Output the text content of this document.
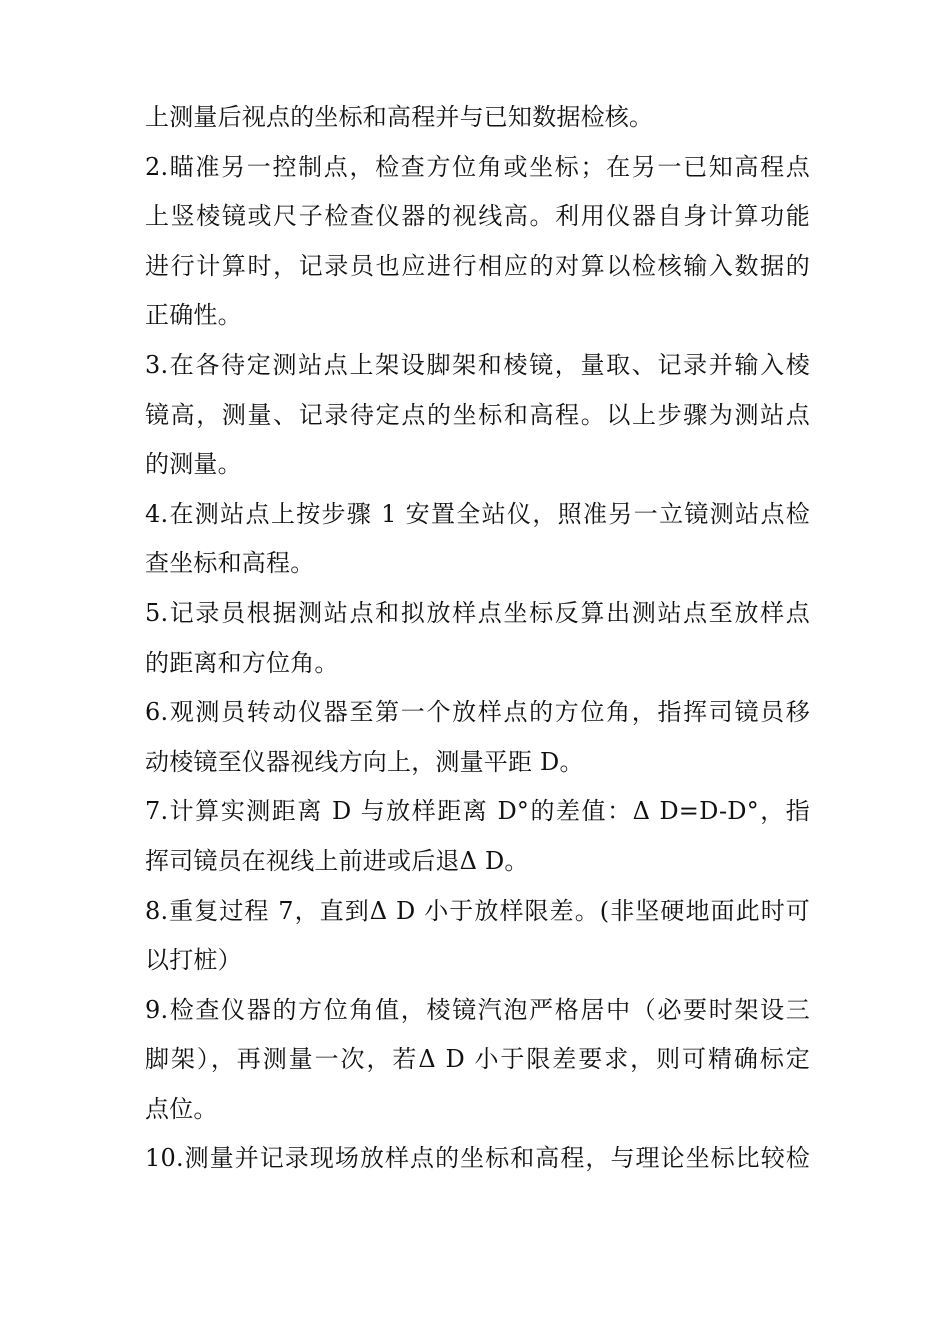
上测量后视点的坐标和高程并与已知数据检核。
2.瞄准另一控制点，检查方位角或坐标；在另一已知高程点
上竖棱镜或尺子检查仪器的视线高。利用仪器自身计算功能
进行计算时，记录员也应进行相应的对算以检核输入数据的
正确性。
3.在各待定测站点上架设脚架和棱镜，量取、记录并输入棱
镜高，测量、记录待定点的坐标和高程。以上步骤为测站点
的测量。
4.在测站点上按步骤 1 安置全站仪，照准另一立镜测站点检
查坐标和高程。
5.记录员根据测站点和拟放样点坐标反算出测站点至放样点
的距离和方位角。
6.观测员转动仪器至第一个放样点的方位角，指挥司镜员移
动棱镜至仪器视线方向上，测量平距 D。
7.计算实测距离 D 与放样距离 D°的差值：Δ D=D-D°，指
挥司镜员在视线上前进或后退Δ D。
8.重复过程 7，直到Δ D 小于放样限差。(非坚硬地面此时可
以打桩）
9.检查仪器的方位角值，棱镜汽泡严格居中（必要时架设三
脚架），再测量一次，若Δ D 小于限差要求，则可精确标定
点位。
10.测量并记录现场放样点的坐标和高程，与理论坐标比较检
